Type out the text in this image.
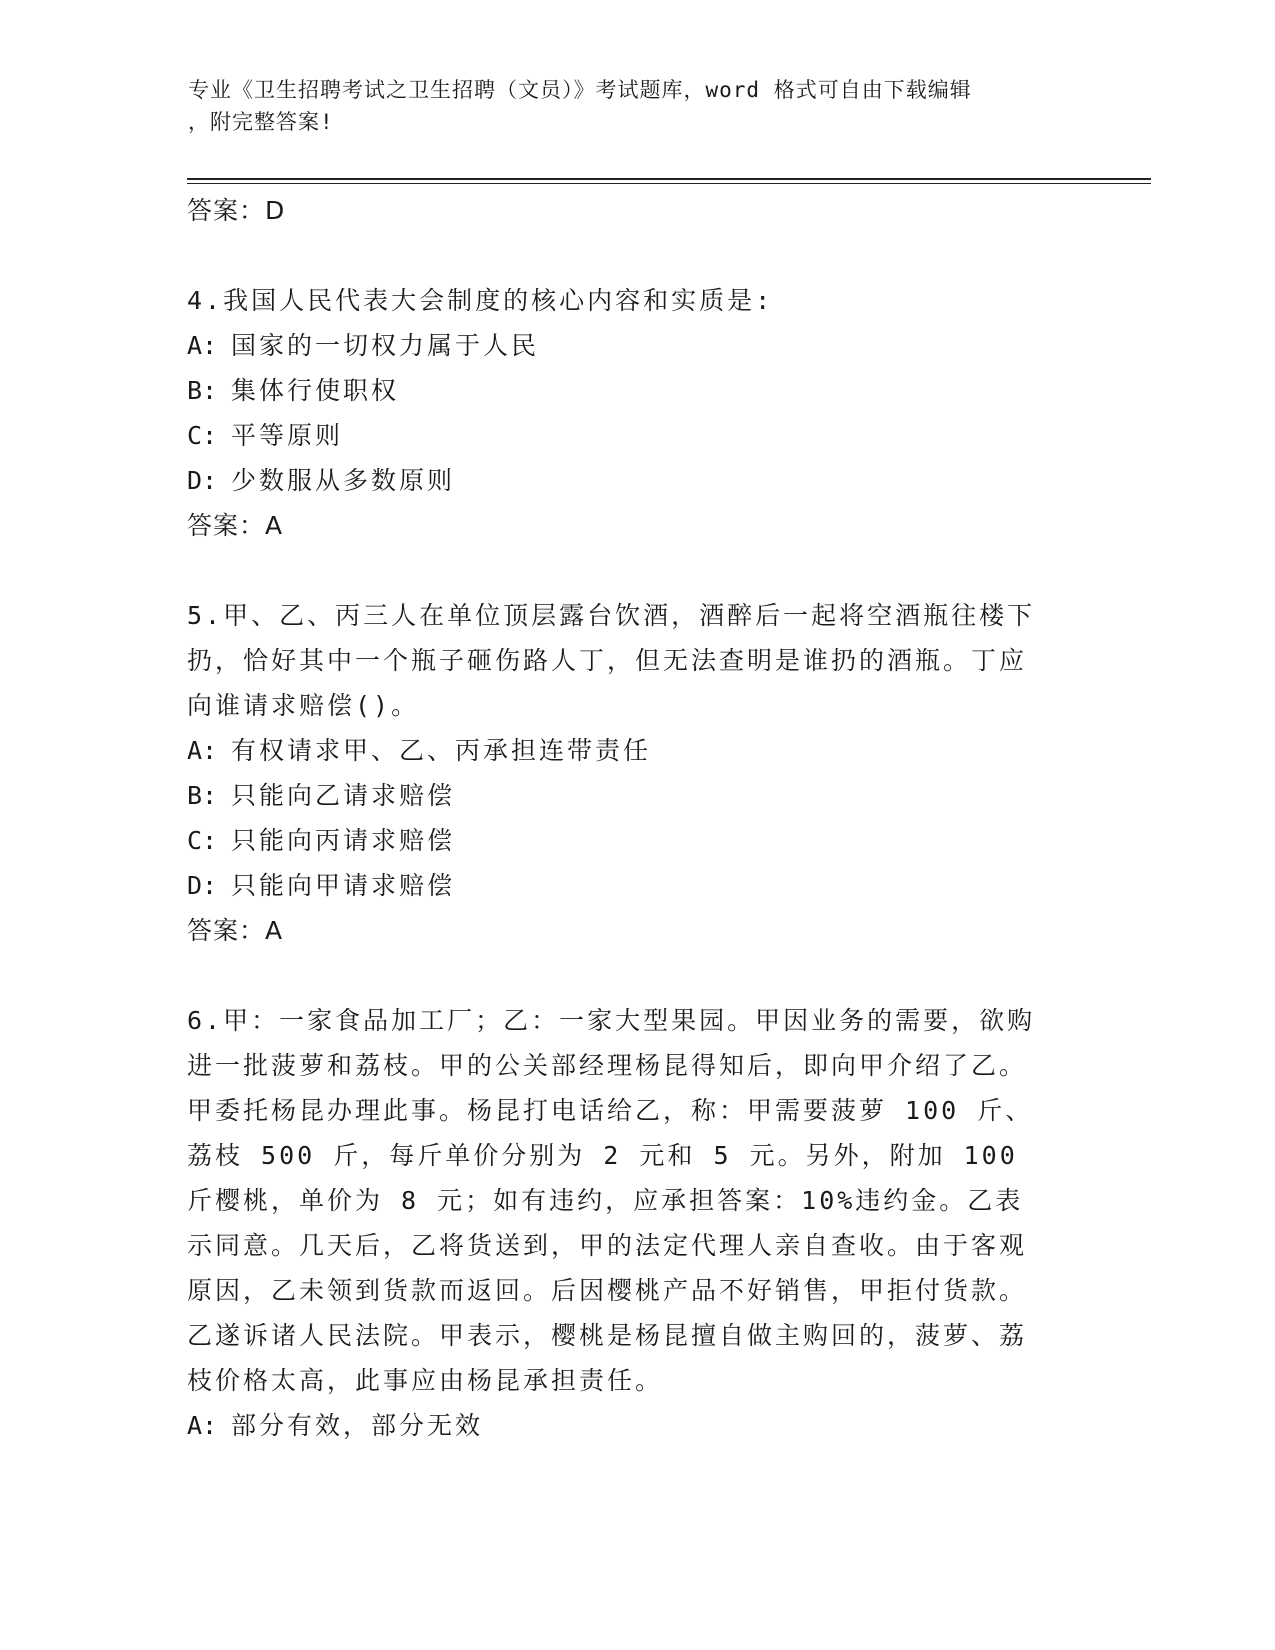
专业《卫生招聘考试之卫生招聘（文员）》考试题库，word 格式可自由下载编辑
，附完整答案!
答案：D
4.我国人民代表大会制度的核心内容和实质是:
A: 国家的一切权力属于人民
B: 集体行使职权
C: 平等原则
D: 少数服从多数原则
答案：A
5.甲、乙、丙三人在单位顶层露台饮酒，酒醉后一起将空酒瓶往楼下扔，恰好其中一个瓶子砸伤路人丁，但无法查明是谁扔的酒瓶。丁应向谁请求赔偿()。
A: 有权请求甲、乙、丙承担连带责任
B: 只能向乙请求赔偿
C: 只能向丙请求赔偿
D: 只能向甲请求赔偿
答案：A
6.甲：一家食品加工厂；乙：一家大型果园。甲因业务的需要，欲购进一批菠萝和荔枝。甲的公关部经理杨昆得知后，即向甲介绍了乙。甲委托杨昆办理此事。杨昆打电话给乙，称：甲需要菠萝 100 斤、荔枝 500 斤，每斤单价分别为 2 元和 5 元。另外，附加 100 斤樱桃，单价为 8 元；如有违约，应承担答案：10%违约金。乙表示同意。几天后，乙将货送到，甲的法定代理人亲自查收。由于客观原因，乙未领到货款而返回。后因樱桃产品不好销售，甲拒付货款。乙遂诉诸人民法院。甲表示，樱桃是杨昆擅自做主购回的，菠萝、荔枝价格太高，此事应由杨昆承担责任。
A: 部分有效，部分无效
